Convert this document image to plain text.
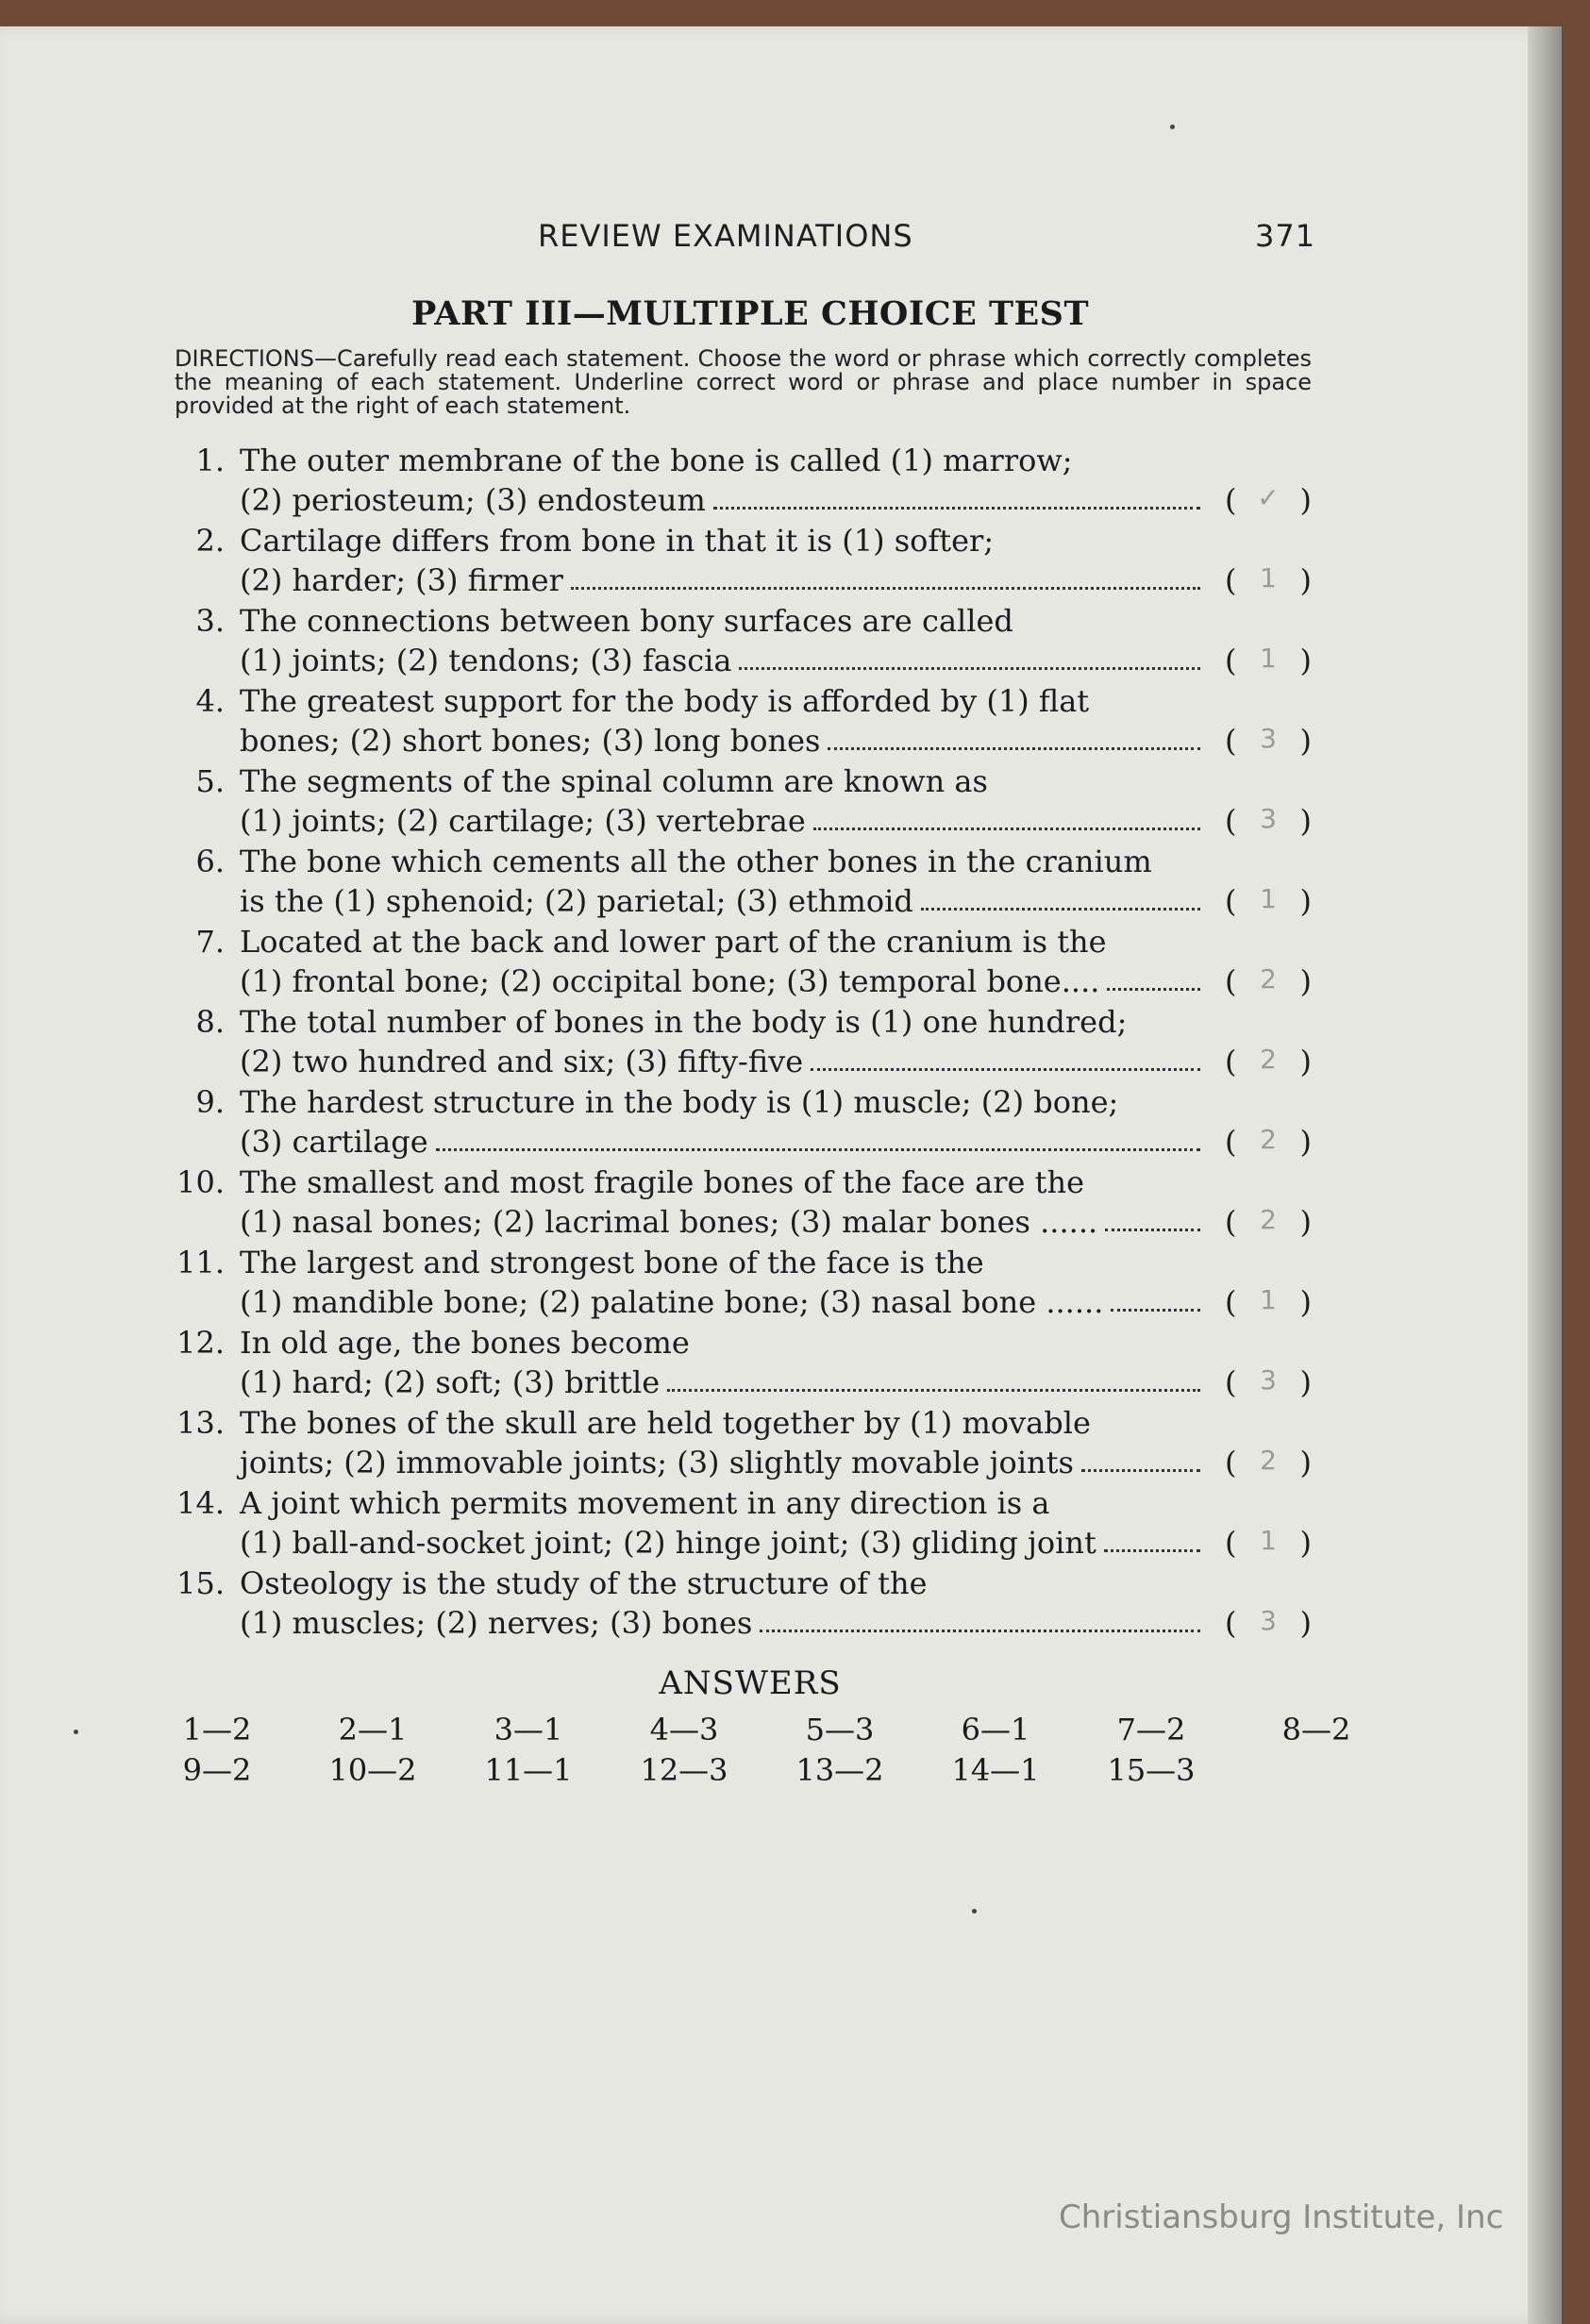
REVIEW EXAMINATIONS	371
PART III—MULTIPLE CHOICE TEST
DIRECTIONS—Carefully read each statement. Choose the word or phrase which correctly completes the meaning of each statement. Underline correct word or phrase and place number in space provided at the right of each statement.
1. The outer membrane of the bone is called (1) marrow;
(2) periosteum; (3) endosteum	( ✓ )
2. Cartilage differs from bone in that it is (1) softer;
(2) harder; (3) firmer	( 1 )
3. The connections between bony surfaces are called
(1) joints; (2) tendons; (3) fascia	( 1 )
4. The greatest support for the body is afforded by (1) flat
bones; (2) short bones; (3) long bones	( 3 )
5. The segments of the spinal column are known as
(1) joints; (2) cartilage; (3) vertebrae	( 3 )
6. The bone which cements all the other bones in the cranium
is the (1) sphenoid; (2) parietal; (3) ethmoid	( 1 )
7. Located at the back and lower part of the cranium is the
(1) frontal bone; (2) occipital bone; (3) temporal bone....	( 2 )
8. The total number of bones in the body is (1) one hundred;
(2) two hundred and six; (3) fifty-five	( 2 )
9. The hardest structure in the body is (1) muscle; (2) bone;
(3) cartilage	( 2 )
10. The smallest and most fragile bones of the face are the
(1) nasal bones; (2) lacrimal bones; (3) malar bones ......	( 2 )
11. The largest and strongest bone of the face is the
(1) mandible bone; (2) palatine bone; (3) nasal bone ......	( 1 )
12. In old age, the bones become
(1) hard; (2) soft; (3) brittle	( 3 )
13. The bones of the skull are held together by (1) movable
joints; (2) immovable joints; (3) slightly movable joints	( 2 )
14. A joint which permits movement in any direction is a
(1) ball-and-socket joint; (2) hinge joint; (3) gliding joint	( 1 )
15. Osteology is the study of the structure of the
(1) muscles; (2) nerves; (3) bones	( 3 )
ANSWERS
1—2	2—1	3—1	4—3	5—3	6—1	7—2	8—2
9—2	10—2	11—1	12—3	13—2	14—1	15—3
Christiansburg Institute, Inc
